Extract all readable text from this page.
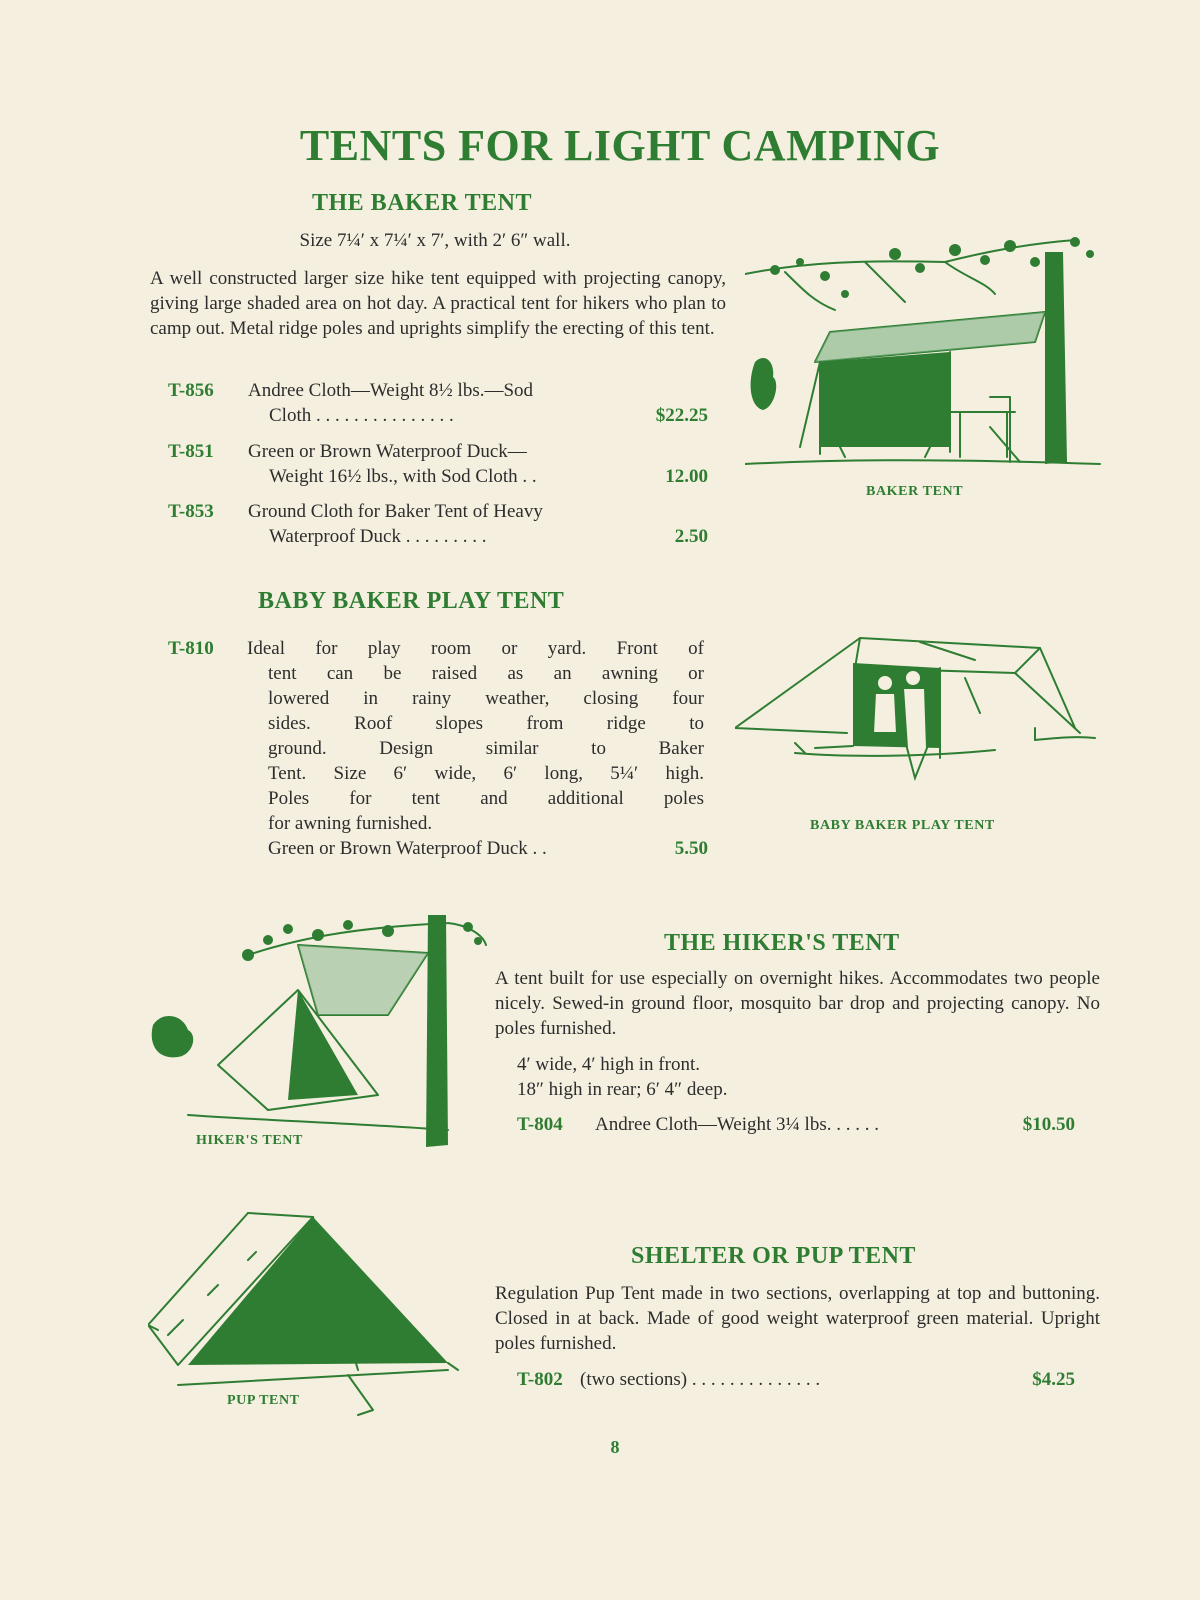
TENTS FOR LIGHT CAMPING
THE BAKER TENT
Size 7¼′ x 7¼′ x 7′, with 2′ 6″ wall.
A well constructed larger size hike tent equipped with projecting canopy, giving large shaded area on hot day. A practical tent for hikers who plan to camp out. Metal ridge poles and uprights simplify the erecting of this tent.
T-856 Andree Cloth—Weight 8½ lbs.—Sod
Cloth . . . . . . . . . . . . . . .	$22.25
T-851 Green or Brown Waterproof Duck—
Weight 16½ lbs., with Sod Cloth . .	12.00
T-853 Ground Cloth for Baker Tent of Heavy
Waterproof Duck . . . . . . . . .	2.50
BAKER TENT
BABY BAKER PLAY TENT
T-810 Ideal for play room or yard. Front of
tent can be raised as an awning or
lowered in rainy weather, closing four
sides. Roof slopes from ridge to
ground. Design similar to Baker
Tent. Size 6′ wide, 6′ long, 5¼′ high.
Poles for tent and additional poles
for awning furnished.
Green or Brown Waterproof Duck . .	5.50
BABY BAKER PLAY TENT
HIKER'S TENT
THE HIKER'S TENT
A tent built for use especially on overnight hikes. Accommodates two people nicely. Sewed-in ground floor, mosquito bar drop and projecting canopy. No poles furnished.
4′ wide, 4′ high in front.
18″ high in rear; 6′ 4″ deep.
T-804 Andree Cloth—Weight 3¼ lbs. . . . . .	$10.50
PUP TENT
SHELTER OR PUP TENT
Regulation Pup Tent made in two sections, overlapping at top and buttoning. Closed in at back. Made of good weight waterproof green material. Upright poles furnished.
T-802 (two sections) . . . . . . . . . . . . . .	$4.25
8
